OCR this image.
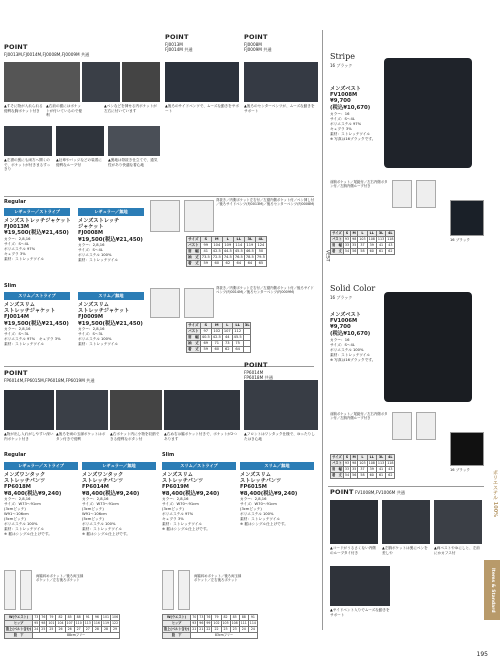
POINT
FJ0013M,FJ0014M,FJ0008M,FJ0009M 共通
POINT
FJ0013M
FJ0014M 共通
POINT
FJ0008M
FJ0009M 共通
▲すそに物が入れられる便利な胸ポケット付き
▲右前の裾にはポケットが付いているので便利
▲ペンなどを挿せる内ポケットが左右に付いています
▲後ろのサイドベンツで、ムーズな動きをサポート
▲後ろのセンターベンツが、ムーズな動きをサポート
▲左襟の裏にも両方へ開くので、ポケットが付きまるすっきり
▲社章やバッジなどの装着に便利なループ付
▲裏地は背抜き仕立てで、通気性があり快適な着心地
Regular
レギュラー／ストライプ	レギュラー／無地
メンズストレッチジャケット
FJ0013M
¥19,500(税込¥21,450)
カラー：2,8,16
サイズ：S～4L
ポリエステル 97%
キュプラ 3%
素材：ストレッチツイル
メンズストレッチ
ジャケット
FJ0008M
¥19,500(税込¥21,450)
カラー：2,8,16
サイズ：S～4L
ポリエステル 100%
素材：ストレッチツイル
背抜き／内側ポケット左右付／左裾内側ポケット付／ペン挿し付／後ろサイドベンツ(FJ0013M)／後ろセンターベンツ(FJ0008M)
サイズ	S	M	L	LL	3L	4L
バスト	99	104	109	114	119	124
肩　幅	41	42.5	44.5	45.5	46.5	50
袖　丈	73.5	72.5	74.5	76.5	78.5	79.5
着　丈	59	60	62	64	64	65
Slim
スリム／ストライプ	スリム／無地
メンズスリム
ストレッチジャケット
FJ0014M
¥19,500(税込¥21,450)
カラー：2,8,16
サイズ：S～3L
ポリエステル 97%　キュプラ 3%
素材：ストレッチツイル
メンズスリム
ストレッチジャケット
FJ0009M
¥19,500(税込¥21,450)
カラー：2,8,16
サイズ：S～3L
ポリエステル 100%
素材：ストレッチツイル
背抜き／内側ポケット左右付／左裾内側ポケット付／後ろサイドベンツ(FJ0014M)／後ろセンターベンツ(FJ0009M)
サイズ	S	M	L	LL	3L
バスト	97	102	107	112	
肩　幅	40.5	42.5	44	45.5	
袖　丈	69	71	73	75	
着　丈	59	60	62	64	
POINT
FP6014M,FP6015M,FP6018M,FP6019M 共通
POINT
FP6014M
FP6018M 共通
▲物が出し入れがしやすい深い内ポケット付き
▲後ろを両の玉縁ポケットはボタン付きで便利
▲右ポケット内に小物を収納できる便利なボタン付
▲右ぬ右は脇ポケット付きで、ポケットが2つあります
▲フロントはワンタック仕様で、ゆったりしたはき心地
Regular	Slim
レギュラー／ストライプ	レギュラー／無地	スリム／ストライプ	スリム／無地
メンズワンタック
ストレッチパンツ
FP6018M
¥8,400(税込¥9,240)
カラー：2,8,16
サイズ：W73～91cm
(3cmピッチ)
W91～106cm
(5cmピッチ)
ポリエステル 100%
素材：ストレッチツイル
※ 裾はシングル仕上げです。
メンズワンタック
ストレッチパンツ
FP6014M
¥8,400(税込¥9,240)
カラー：2,8,16
サイズ：W73～91cm
(3cmピッチ)
W91～106cm
(5cmピッチ)
ポリエステル 100%
素材：ストレッチツイル
※ 裾はシングル仕上げです。
メンズスリム
ストレッチパンツ
FP6019M
¥8,400(税込¥9,240)
カラー：2,8,16
サイズ：W70～91cm
(3cmピッチ)
ポリエステル 97%
キュプラ 3%
素材：ストレッチツイル
※ 裾はシングル仕上げです。
メンズスリム
ストレッチパンツ
FP6015M
¥8,400(税込¥9,240)
カラー：2,8,16
サイズ：W70～91cm
(3cmピッチ)
ポリエステル 100%
素材：ストレッチツイル
※ 裾はシングル仕上げです。
両脇斜めポケット／後ろ両玉縁ポケット／左右後ろポケット
両脇斜めポケット／後ろ両玉縁ポケット／左右後ろポケット
W(ウエスト)	73	76	79	82	85	88	91	96	101	106
ヒップ	95	98	101	104	107	110	113	116	119	122
股上(ベルト含む)	24	25	25	26	26	27	27	28	28	29
股　下	88cmフリー									
W(ウエスト)	70	73	76	79	82	85	88	91
ヒップ	93	96	99	102	105	108	111	114
股上(ベルト含む)	21	21	22	22	23	23	24	24
股　下	83cmフリー							
VEST
Stripe
16 ブラック
メンズベスト
FV1008M
¥9,700
(税込¥10,670)
カラー：16
サイズ：S～4L
ポリエステル 97%
キュプラ 3%
素材：ストレッチツイル
※ 写真は16ブラックです。
前胸ポケット／尾錠付／左右内側ボタン付／左胸内側ループ付き
16 ブラック
サイズ	S	M	L	LL	3L	4L
バスト	93	98	103	108	113	118
肩　幅	33	35	37	39	41	43
着　丈	54	56	58	60	61	62
Solid Color
16 ブラック
メンズベスト
FV1006M
¥9,700
(税込¥10,670)
カラー：16
サイズ：S～4L
ポリエステル 100%
素材：ストレッチツイル
※ 写真は16ブラックです。
前胸ポケット／尾錠付／左右内側ボタン付／左胸内側ループ付き
16 ブラック
サイズ	S	M	L	LL	3L	4L
バスト	93	98	103	108	113	118
肩　幅	33	35	37	39	41	43
着　丈	54	56	58	60	61	62
POINT FV1008M,FV1006M 共通
▲コードがうるさくない内側のループタイ付き
▲左胸ポケットは裏にペンを差しや
▲両ベストやゆにしと、左前にかカフス付
▲サイドベント入りでムーズな動きをサポート
Items & Standard
ポリエステル 100%
195
